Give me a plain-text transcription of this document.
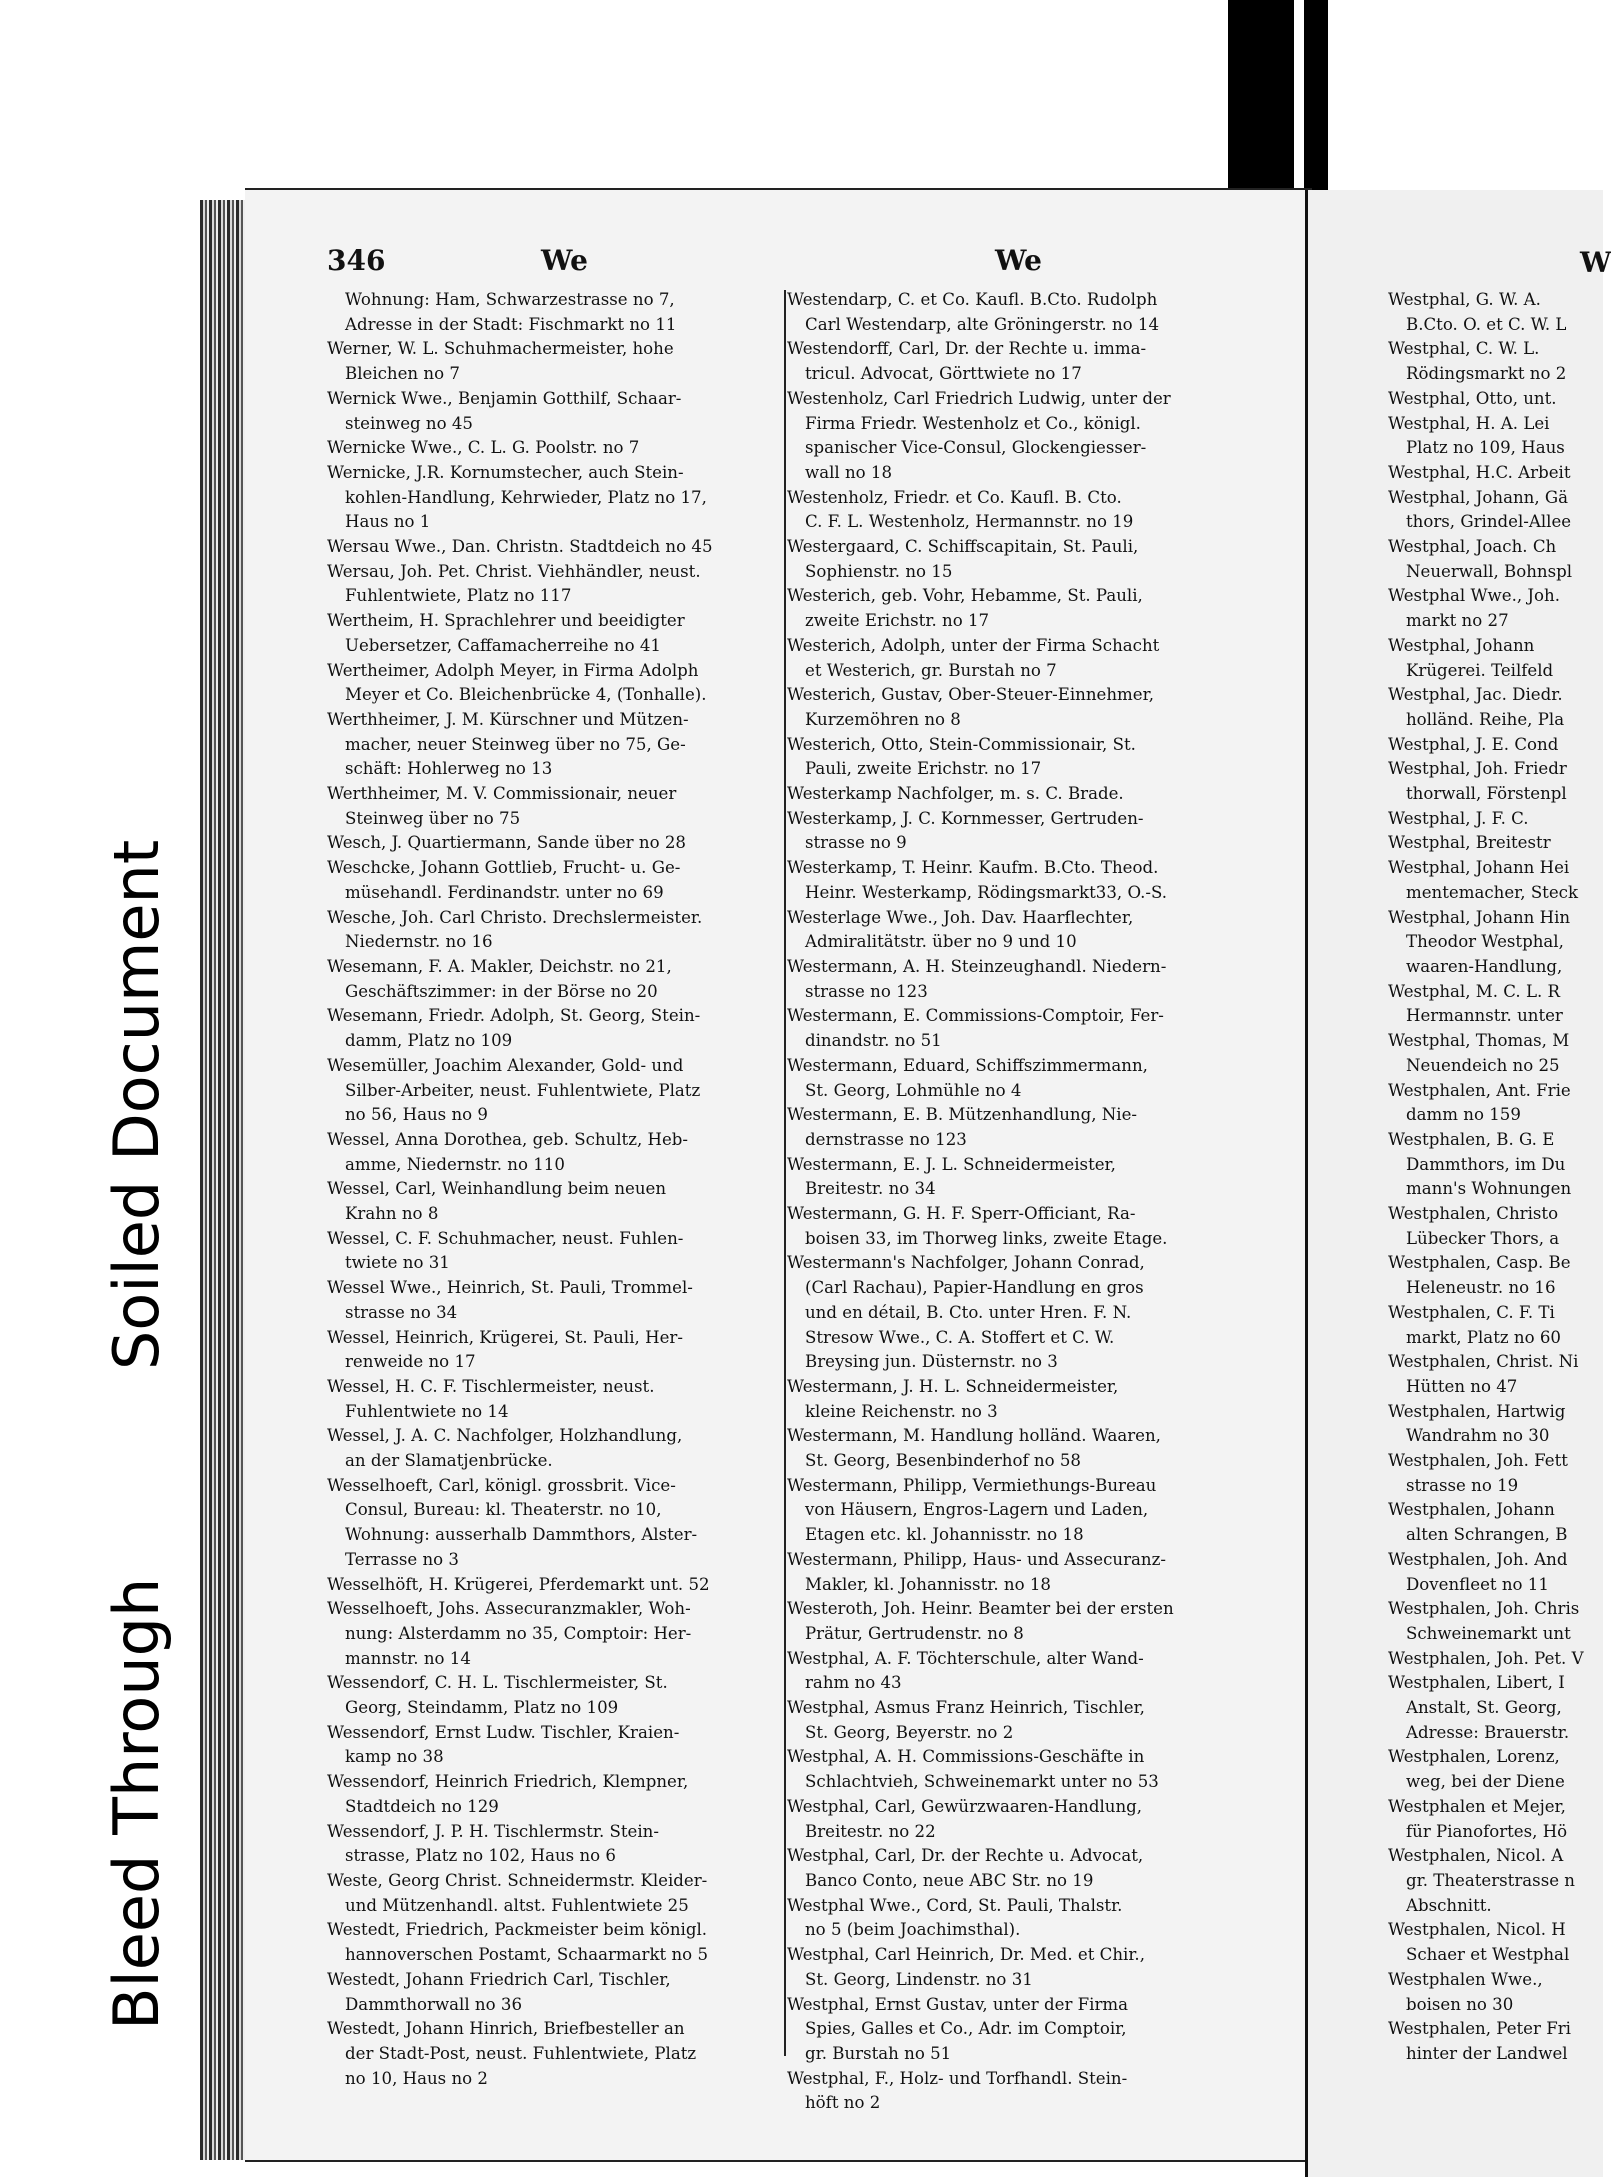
346	We	We

Wohnung: Ham, Schwarzestrasse no 7,

Adresse in der Stadt: Fischmarkt no 11

Werner, W. L. Schuhmachermeister, hohe

Bleichen no 7

Wernick Wwe., Benjamin Gotthilf, Schaar-

steinweg no 45

Wernicke Wwe., C. L. G. Poolstr. no 7

Wernicke, J.R. Kornumstecher, auch Stein-

kohlen-Handlung, Kehrwieder, Platz no 17,

Haus no 1

Wersau Wwe., Dan. Christn. Stadtdeich no 45

Wersau, Joh. Pet. Christ. Viehhändler, neust.

Fuhlentwiete, Platz no 117

Wertheim, H. Sprachlehrer und beeidigter

Uebersetzer, Caffamacherreihe no 41

Wertheimer, Adolph Meyer, in Firma Adolph

Meyer et Co. Bleichenbrücke 4, (Tonhalle).

Werthheimer, J. M. Kürschner und Mützen-

macher, neuer Steinweg über no 75, Ge-

schäft: Hohlerweg no 13

Werthheimer, M. V. Commissionair, neuer

Steinweg über no 75

Wesch, J. Quartiermann, Sande über no 28

Weschcke, Johann Gottlieb, Frucht- u. Ge-

müsehandl. Ferdinandstr. unter no 69

Wesche, Joh. Carl Christo. Drechslermeister.

Niedernstr. no 16

Wesemann, F. A. Makler, Deichstr. no 21,

Geschäftszimmer: in der Börse no 20

Wesemann, Friedr. Adolph, St. Georg, Stein-

damm, Platz no 109

Wesemüller, Joachim Alexander, Gold- und

Silber-Arbeiter, neust. Fuhlentwiete, Platz

no 56, Haus no 9

Wessel, Anna Dorothea, geb. Schultz, Heb-

amme, Niedernstr. no 110

Wessel, Carl, Weinhandlung beim neuen

Krahn no 8

Wessel, C. F. Schuhmacher, neust. Fuhlen-

twiete no 31

Wessel Wwe., Heinrich, St. Pauli, Trommel-

strasse no 34

Wessel, Heinrich, Krügerei, St. Pauli, Her-

renweide no 17

Wessel, H. C. F. Tischlermeister, neust.

Fuhlentwiete no 14

Wessel, J. A. C. Nachfolger, Holzhandlung,

an der Slamatjenbrücke.

Wesselhoeft, Carl, königl. grossbrit. Vice-

Consul, Bureau: kl. Theaterstr. no 10,

Wohnung: ausserhalb Dammthors, Alster-

Terrasse no 3

Wesselhöft, H. Krügerei, Pferdemarkt unt. 52

Wesselhoeft, Johs. Assecuranzmakler, Woh-

nung: Alsterdamm no 35, Comptoir: Her-

mannstr. no 14

Wessendorf, C. H. L. Tischlermeister, St.

Georg, Steindamm, Platz no 109

Wessendorf, Ernst Ludw. Tischler, Kraien-

kamp no 38

Wessendorf, Heinrich Friedrich, Klempner,

Stadtdeich no 129

Wessendorf, J. P. H. Tischlermstr. Stein-

strasse, Platz no 102, Haus no 6

Weste, Georg Christ. Schneidermstr. Kleider-

und Mützenhandl. altst. Fuhlentwiete 25

Westedt, Friedrich, Packmeister beim königl.

hannoverschen Postamt, Schaarmarkt no 5

Westedt, Johann Friedrich Carl, Tischler,

Dammthorwall no 36

Westedt, Johann Hinrich, Briefbesteller an

der Stadt-Post, neust. Fuhlentwiete, Platz

no 10, Haus no 2

Westendarp, C. et Co. Kaufl. B.Cto. Rudolph

Carl Westendarp, alte Gröningerstr. no 14

Westendorff, Carl, Dr. der Rechte u. imma-

tricul. Advocat, Görttwiete no 17

Westenholz, Carl Friedrich Ludwig, unter der

Firma Friedr. Westenholz et Co., königl.

spanischer Vice-Consul, Glockengiesser-

wall no 18

Westenholz, Friedr. et Co. Kaufl. B. Cto.

C. F. L. Westenholz, Hermannstr. no 19

Westergaard, C. Schiffscapitain, St. Pauli,

Sophienstr. no 15

Westerich, geb. Vohr, Hebamme, St. Pauli,

zweite Erichstr. no 17

Westerich, Adolph, unter der Firma Schacht

et Westerich, gr. Burstah no 7

Westerich, Gustav, Ober-Steuer-Einnehmer,

Kurzemöhren no 8

Westerich, Otto, Stein-Commissionair, St.

Pauli, zweite Erichstr. no 17

Westerkamp Nachfolger, m. s. C. Brade.

Westerkamp, J. C. Kornmesser, Gertruden-

strasse no 9

Westerkamp, T. Heinr. Kaufm. B.Cto. Theod.

Heinr. Westerkamp, Rödingsmarkt33, O.-S.

Westerlage Wwe., Joh. Dav. Haarflechter,

Admiralitätstr. über no 9 und 10

Westermann, A. H. Steinzeughandl. Niedern-

strasse no 123

Westermann, E. Commissions-Comptoir, Fer-

dinandstr. no 51

Westermann, Eduard, Schiffszimmermann,

St. Georg, Lohmühle no 4

Westermann, E. B. Mützenhandlung, Nie-

dernstrasse no 123

Westermann, E. J. L. Schneidermeister,

Breitestr. no 34

Westermann, G. H. F. Sperr-Officiant, Ra-

boisen 33, im Thorweg links, zweite Etage.

Westermann's Nachfolger, Johann Conrad,

(Carl Rachau), Papier-Handlung en gros

und en détail, B. Cto. unter Hren. F. N.

Stresow Wwe., C. A. Stoffert et C. W.

Breysing jun. Düsternstr. no 3

Westermann, J. H. L. Schneidermeister,

kleine Reichenstr. no 3

Westermann, M. Handlung holländ. Waaren,

St. Georg, Besenbinderhof no 58

Westermann, Philipp, Vermiethungs-Bureau

von Häusern, Engros-Lagern und Laden,

Etagen etc. kl. Johannisstr. no 18

Westermann, Philipp, Haus- und Assecuranz-

Makler, kl. Johannisstr. no 18

Westeroth, Joh. Heinr. Beamter bei der ersten

Prätur, Gertrudenstr. no 8

Westphal, A. F. Töchterschule, alter Wand-

rahm no 43

Westphal, Asmus Franz Heinrich, Tischler,

St. Georg, Beyerstr. no 2

Westphal, A. H. Commissions-Geschäfte in

Schlachtvieh, Schweinemarkt unter no 53

Westphal, Carl, Gewürzwaaren-Handlung,

Breitestr. no 22

Westphal, Carl, Dr. der Rechte u. Advocat,

Banco Conto, neue ABC Str. no 19

Westphal Wwe., Cord, St. Pauli, Thalstr.

no 5 (beim Joachimsthal).

Westphal, Carl Heinrich, Dr. Med. et Chir.,

St. Georg, Lindenstr. no 31

Westphal, Ernst Gustav, unter der Firma

Spies, Galles et Co., Adr. im Comptoir,

gr. Burstah no 51

Westphal, F., Holz- und Torfhandl. Stein-

höft no 2

W

Westphal, G. W. A.

B.Cto. O. et C. W. L

Westphal, C. W. L.

Rödingsmarkt no 2

Westphal, Otto, unt.

Westphal, H. A. Lei

Platz no 109, Haus

Westphal, H.C. Arbeit

Westphal, Johann, Gä

thors, Grindel-Allee

Westphal, Joach. Ch

Neuerwall, Bohnspl

Westphal Wwe., Joh.

markt no 27

Westphal, Johann

Krügerei. Teilfeld

Westphal, Jac. Diedr.

holländ. Reihe, Pla

Westphal, J. E. Cond

Westphal, Joh. Friedr

thorwall, Förstenpl

Westphal, J. F. C.

Westphal, Breitestr

Westphal, Johann Hei

mentemacher, Steck

Westphal, Johann Hin

Theodor Westphal,

waaren-Handlung,

Westphal, M. C. L. R

Hermannstr. unter

Westphal, Thomas, M

Neuendeich no 25

Westphalen, Ant. Frie

damm no 159

Westphalen, B. G. E

Dammthors, im Du

mann's Wohnungen

Westphalen, Christo

Lübecker Thors, a

Westphalen, Casp. Be

Heleneustr. no 16

Westphalen, C. F. Ti

markt, Platz no 60

Westphalen, Christ. Ni

Hütten no 47

Westphalen, Hartwig

Wandrahm no 30

Westphalen, Joh. Fett

strasse no 19

Westphalen, Johann

alten Schrangen, B

Westphalen, Joh. And

Dovenfleet no 11

Westphalen, Joh. Chris

Schweinemarkt unt

Westphalen, Joh. Pet. V

Westphalen, Libert, I

Anstalt, St. Georg,

Adresse: Brauerstr.

Westphalen, Lorenz,

weg, bei der Diene

Westphalen et Mejer,

für Pianofortes, Hö

Westphalen, Nicol. A

gr. Theaterstrasse n

Abschnitt.

Westphalen, Nicol. H

Schaer et Westphal

Westphalen Wwe.,

boisen no 30

Westphalen, Peter Fri

hinter der Landwel

Bleed Through
Soiled Document
